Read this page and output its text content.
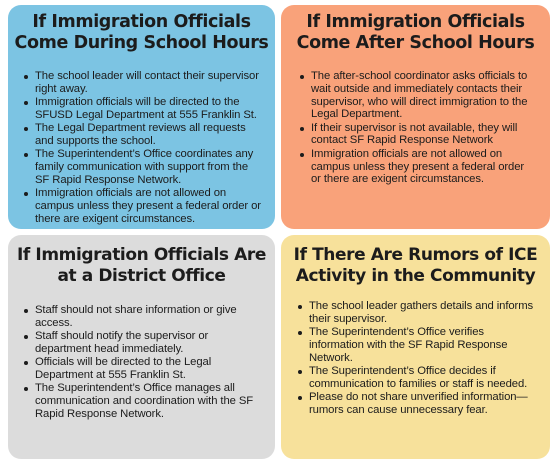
If Immigration Officials Come During School Hours
The school leader will contact their supervisor right away.
Immigration officials will be directed to the SFUSD Legal Department at 555 Franklin St.
The Legal Department reviews all requests and supports the school.
The Superintendent’s Office coordinates any family communication with support from the SF Rapid Response Network.
Immigration officials are not allowed on campus unless they present a federal order or there are exigent circumstances.
If Immigration Officials Come After School Hours
The after-school coordinator asks officials to wait outside and immediately contacts their supervisor, who will direct immigration to the Legal Department.
If their supervisor is not available, they will contact SF Rapid Response Network
Immigration officials are not allowed on campus unless they present a federal order or there are exigent circumstances.
If Immigration Officials Are at a District Office
Staff should not share information or give access.
Staff should notify the supervisor or department head immediately.
Officials will be directed to the Legal Department at 555 Franklin St.
The Superintendent’s Office manages all communication and coordination with the SF Rapid Response Network.
If There Are Rumors of ICE Activity in the Community
The school leader gathers details and informs their supervisor.
The Superintendent’s Office verifies information with the SF Rapid Response Network.
The Superintendent’s Office decides if communication to families or staff is needed.
Please do not share unverified information—rumors can cause unnecessary fear.
